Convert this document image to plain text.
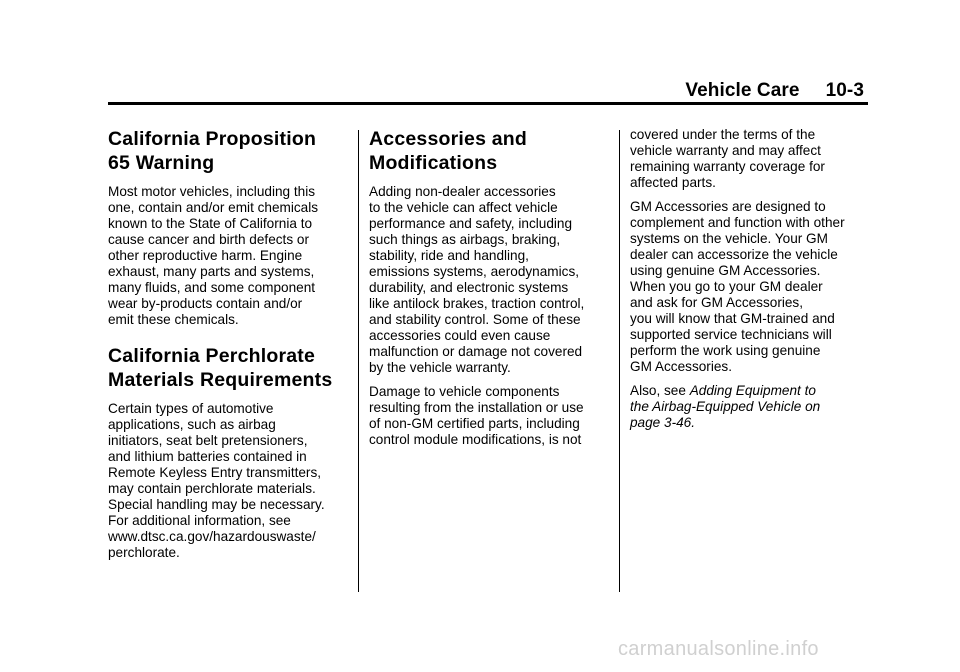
Vehicle Care 10-3
California Proposition
65 Warning

Most motor vehicles, including this
one, contain and/or emit chemicals
known to the State of California to
cause cancer and birth defects or
other reproductive harm. Engine
exhaust, many parts and systems,
many fluids, and some component
wear by-products contain and/or
emit these chemicals.

California Perchlorate
Materials Requirements

Certain types of automotive
applications, such as airbag
initiators, seat belt pretensioners,
and lithium batteries contained in
Remote Keyless Entry transmitters,
may contain perchlorate materials.
Special handling may be necessary.
For additional information, see
www.dtsc.ca.gov/hazardouswaste/
perchlorate.

Accessories and
Modifications

Adding non-dealer accessories
to the vehicle can affect vehicle
performance and safety, including
such things as airbags, braking,
stability, ride and handling,
emissions systems, aerodynamics,
durability, and electronic systems
like antilock brakes, traction control,
and stability control. Some of these
accessories could even cause
malfunction or damage not covered
by the vehicle warranty.

Damage to vehicle components
resulting from the installation or use
of non-GM certified parts, including
control module modifications, is not

covered under the terms of the
vehicle warranty and may affect
remaining warranty coverage for
affected parts.

GM Accessories are designed to
complement and function with other
systems on the vehicle. Your GM
dealer can accessorize the vehicle
using genuine GM Accessories.
When you go to your GM dealer
and ask for GM Accessories,
you will know that GM-trained and
supported service technicians will
perform the work using genuine
GM Accessories.

Also, see Adding Equipment to
the Airbag-Equipped Vehicle on
page 3-46.

carmanualsonline.info
